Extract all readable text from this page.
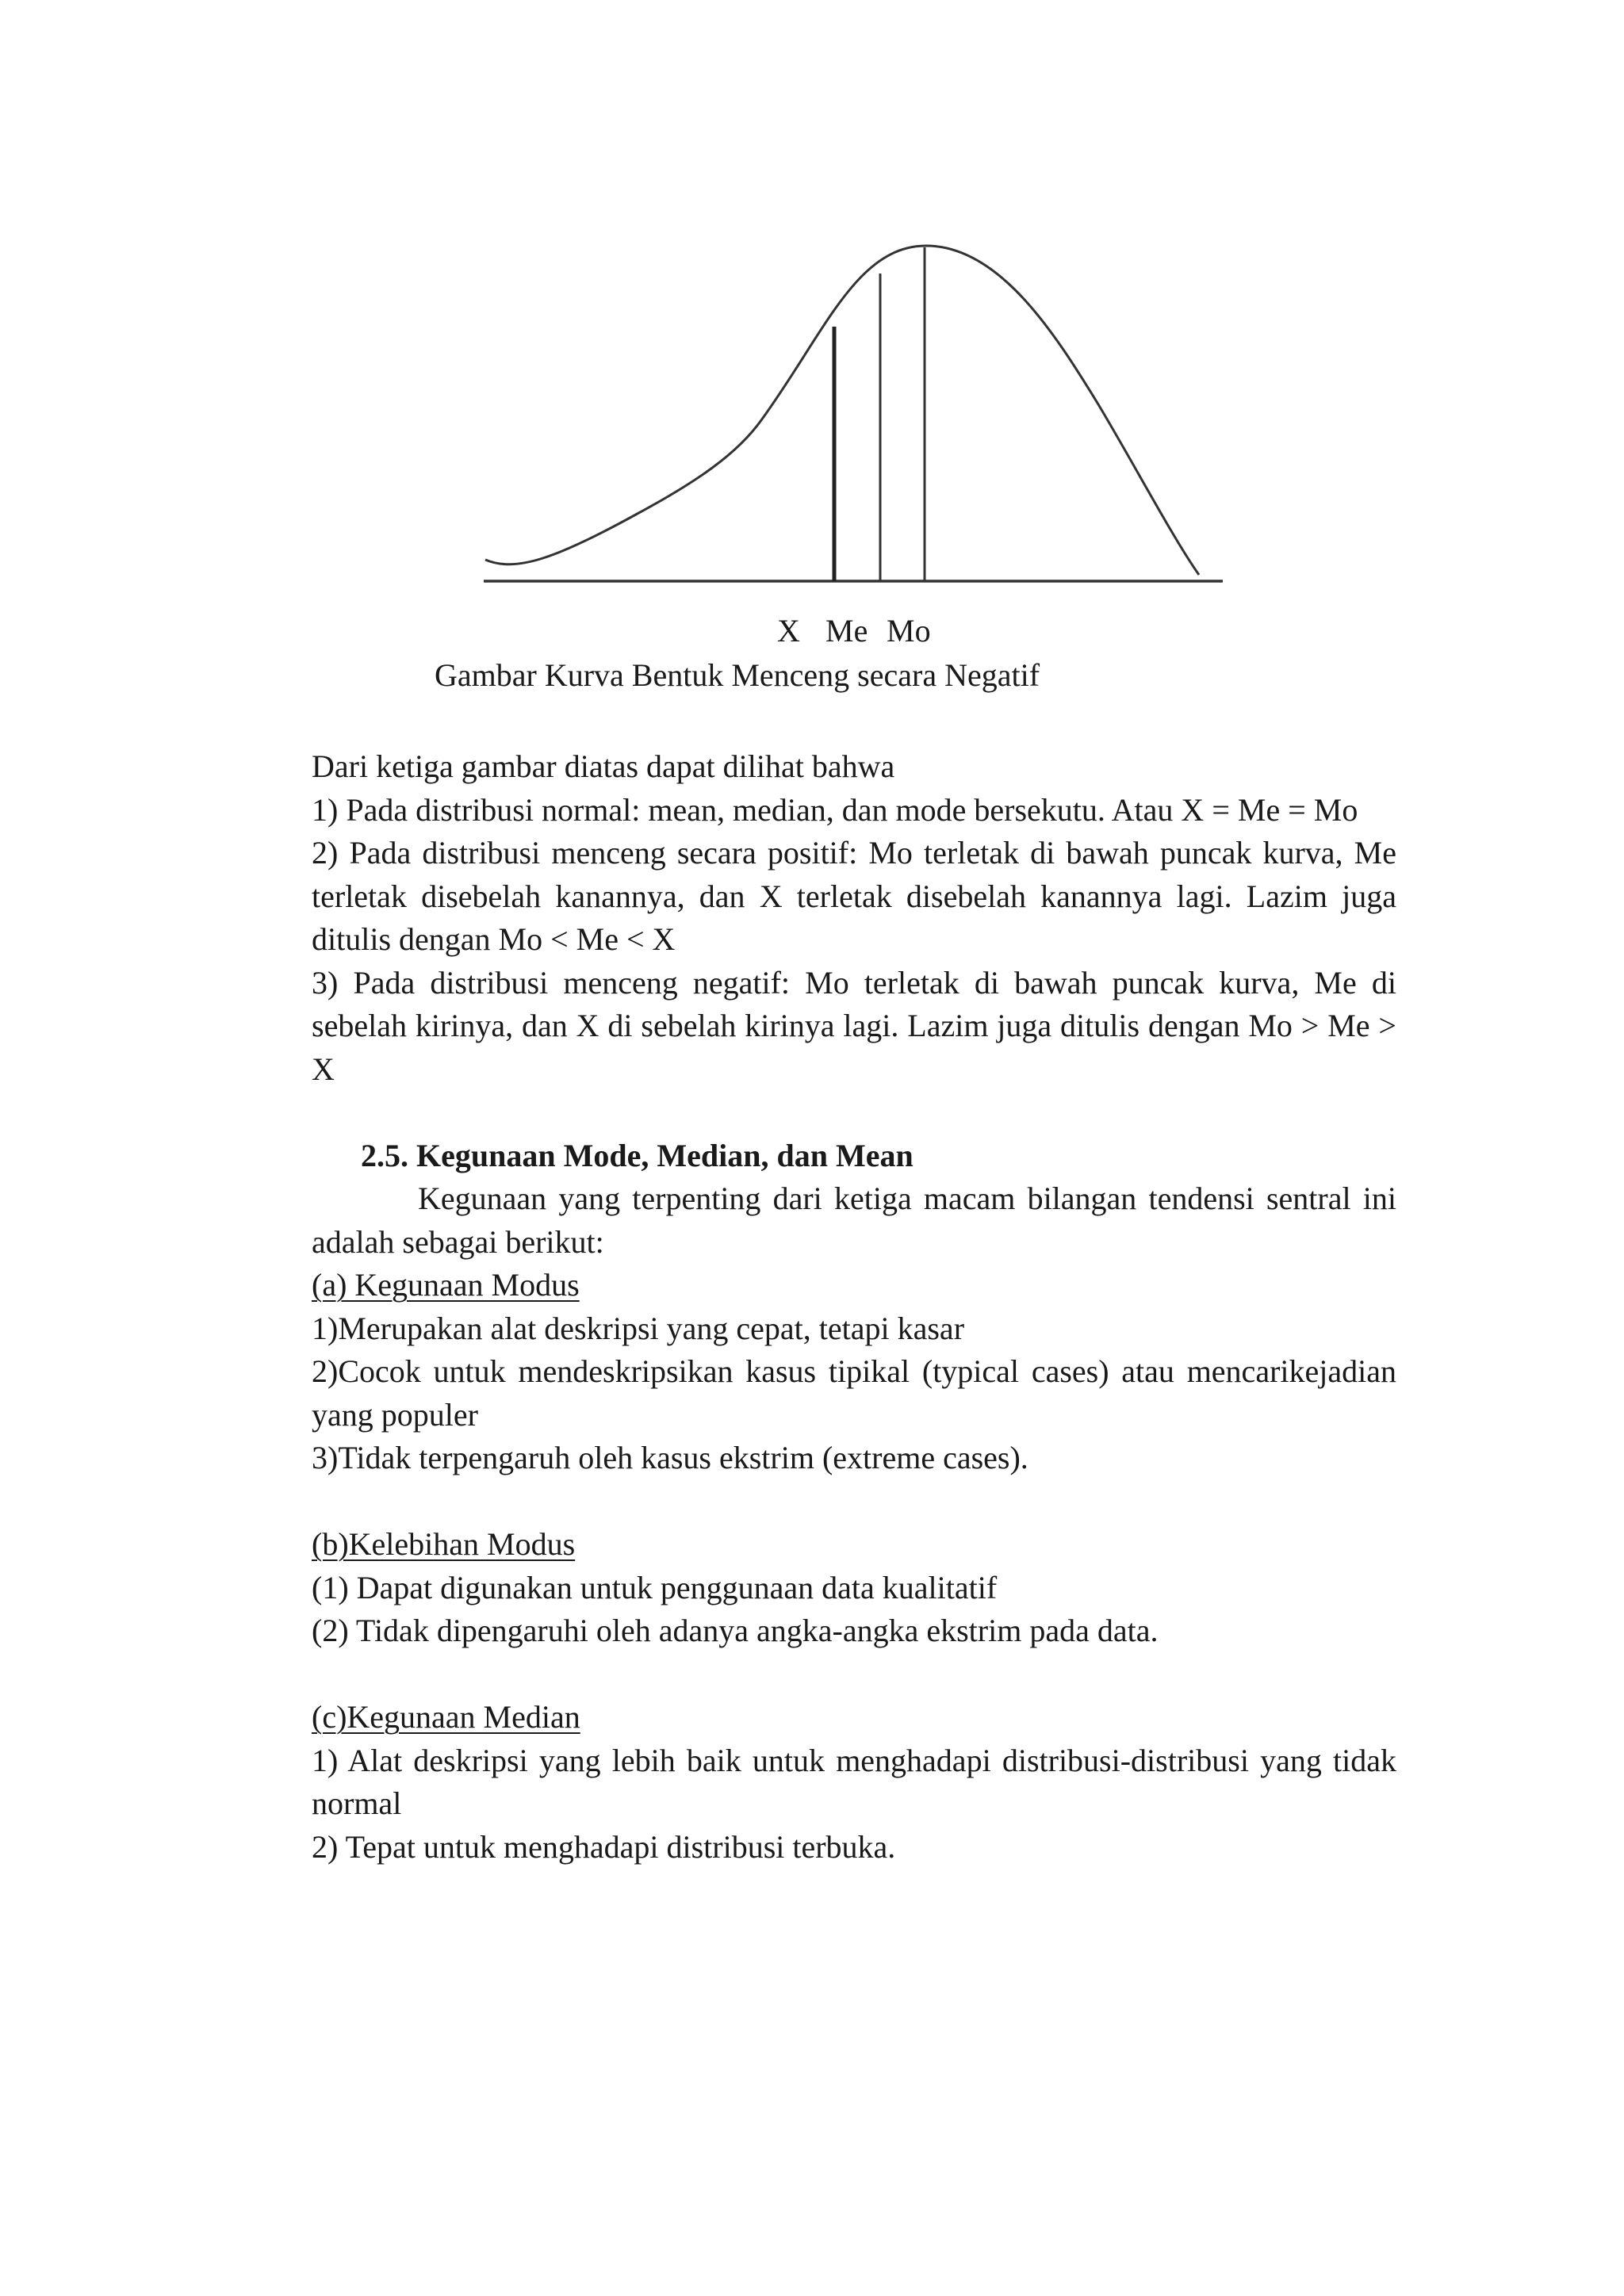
X Me Mo
Gambar Kurva Bentuk Menceng secara Negatif

Dari ketiga gambar diatas dapat dilihat bahwa

1) Pada distribusi normal: mean, median, dan mode bersekutu. Atau X = Me = Mo

2) Pada distribusi menceng secara positif: Mo terletak di bawah puncak kurva, Me terletak disebelah kanannya, dan X terletak disebelah kanannya lagi. Lazim juga ditulis dengan Mo < Me < X

3) Pada distribusi menceng negatif: Mo terletak di bawah puncak kurva, Me di sebelah kirinya, dan X di sebelah kirinya lagi. Lazim juga ditulis dengan Mo > Me > X

2.5. Kegunaan Mode, Median, dan Mean

Kegunaan yang terpenting dari ketiga macam bilangan tendensi sentral ini adalah sebagai berikut:

(a) Kegunaan Modus

1)Merupakan alat deskripsi yang cepat, tetapi kasar

2)Cocok untuk mendeskripsikan kasus tipikal (typical cases) atau mencarikejadian yang populer

3)Tidak terpengaruh oleh kasus ekstrim (extreme cases).

(b)Kelebihan Modus

(1) Dapat digunakan untuk penggunaan data kualitatif

(2) Tidak dipengaruhi oleh adanya angka-angka ekstrim pada data.

(c)Kegunaan Median

1) Alat deskripsi yang lebih baik untuk menghadapi distribusi-distribusi yang tidak normal

2) Tepat untuk menghadapi distribusi terbuka.
